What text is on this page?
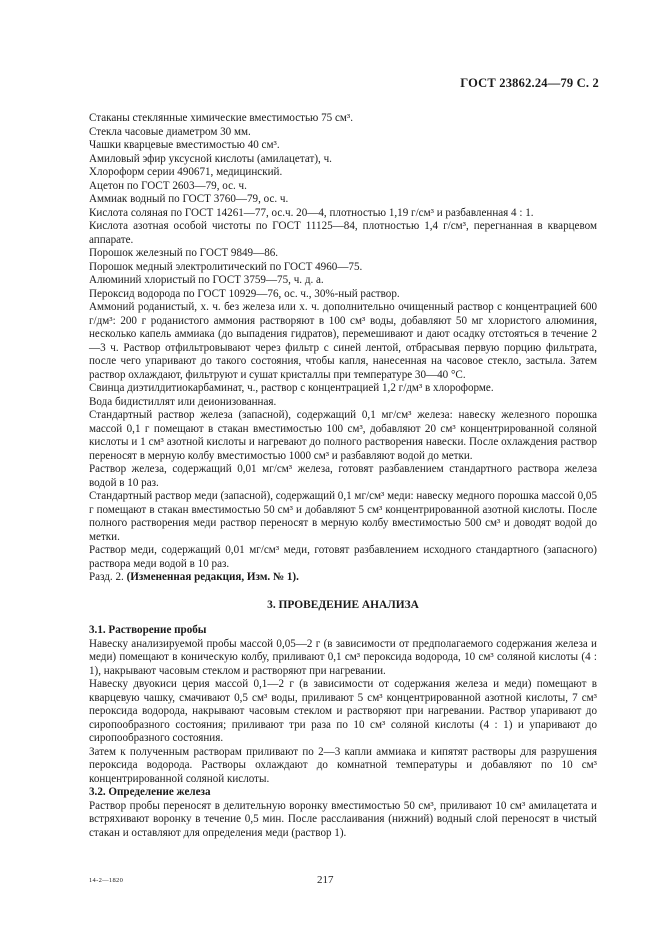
ГОСТ 23862.24—79 С. 2

Стаканы стеклянные химические вместимостью 75 см³.

Стекла часовые диаметром 30 мм.

Чашки кварцевые вместимостью 40 см³.

Амиловый эфир уксусной кислоты (амилацетат), ч.

Хлороформ серии 490671, медицинский.

Ацетон по ГОСТ 2603—79, ос. ч.

Аммиак водный по ГОСТ 3760—79, ос. ч.

Кислота соляная по ГОСТ 14261—77, ос.ч. 20—4, плотностью 1,19 г/см³ и разбавленная 4 : 1.

Кислота азотная особой чистоты по ГОСТ 11125—84, плотностью 1,4 г/см³, перегнанная в кварцевом аппарате.

Порошок железный по ГОСТ 9849—86.

Порошок медный электролитический по ГОСТ 4960—75.

Алюминий хлористый по ГОСТ 3759—75, ч. д. а.

Пероксид водорода по ГОСТ 10929—76, ос. ч., 30%-ный раствор.

Аммоний роданистый, х. ч. без железа или х. ч. дополнительно очищенный раствор с концентрацией 600 г/дм³: 200 г роданистого аммония растворяют в 100 см³ воды, добавляют 50 мг хлористого алюминия, несколько капель аммиака (до выпадения гидратов), перемешивают и дают осадку отстояться в течение 2—3 ч. Раствор отфильтровывают через фильтр с синей лентой, отбрасывая первую порцию фильтрата, после чего упаривают до такого состояния, чтобы капля, нанесенная на часовое стекло, застыла. Затем раствор охлаждают, фильтруют и сушат кристаллы при температуре 30—40 °С.

Свинца диэтилдитиокарбаминат, ч., раствор с концентрацией 1,2 г/дм³ в хлороформе.

Вода бидистиллят или деионизованная.

Стандартный раствор железа (запасной), содержащий 0,1 мг/см³ железа: навеску железного порошка массой 0,1 г помещают в стакан вместимостью 100 см³, добавляют 20 см³ концентрированной соляной кислоты и 1 см³ азотной кислоты и нагревают до полного растворения навески. После охлаждения раствор переносят в мерную колбу вместимостью 1000 см³ и разбавляют водой до метки.

Раствор железа, содержащий 0,01 мг/см³ железа, готовят разбавлением стандартного раствора железа водой в 10 раз.

Стандартный раствор меди (запасной), содержащий 0,1 мг/см³ меди: навеску медного порошка массой 0,05 г помещают в стакан вместимостью 50 см³ и добавляют 5 см³ концентрированной азотной кислоты. После полного растворения меди раствор переносят в мерную колбу вместимостью 500 см³ и доводят водой до метки.

Раствор меди, содержащий 0,01 мг/см³ меди, готовят разбавлением исходного стандартного (запасного) раствора меди водой в 10 раз.

Разд. 2. (Измененная редакция, Изм. № 1).

3. ПРОВЕДЕНИЕ АНАЛИЗА

3.1. Растворение пробы

Навеску анализируемой пробы массой 0,05—2 г (в зависимости от предполагаемого содержания железа и меди) помещают в коническую колбу, приливают 0,1 см³ пероксида водорода, 10 см³ соляной кислоты (4 : 1), накрывают часовым стеклом и растворяют при нагревании.

Навеску двуокиси церия массой 0,1—2 г (в зависимости от содержания железа и меди) помещают в кварцевую чашку, смачивают 0,5 см³ воды, приливают 5 см³ концентрированной азотной кислоты, 7 см³ пероксида водорода, накрывают часовым стеклом и растворяют при нагревании. Раствор упаривают до сиропообразного состояния; приливают три раза по 10 см³ соляной кислоты (4 : 1) и упаривают до сиропообразного состояния.

Затем к полученным растворам приливают по 2—3 капли аммиака и кипятят растворы для разрушения пероксида водорода. Растворы охлаждают до комнатной температуры и добавляют по 10 см³ концентрированной соляной кислоты.

3.2. Определение железа

Раствор пробы переносят в делительную воронку вместимостью 50 см³, приливают 10 см³ амилацетата и встряхивают воронку в течение 0,5 мин. После расслаивания (нижний) водный слой переносят в чистый стакан и оставляют для определения меди (раствор 1).

14-2—1820	217
